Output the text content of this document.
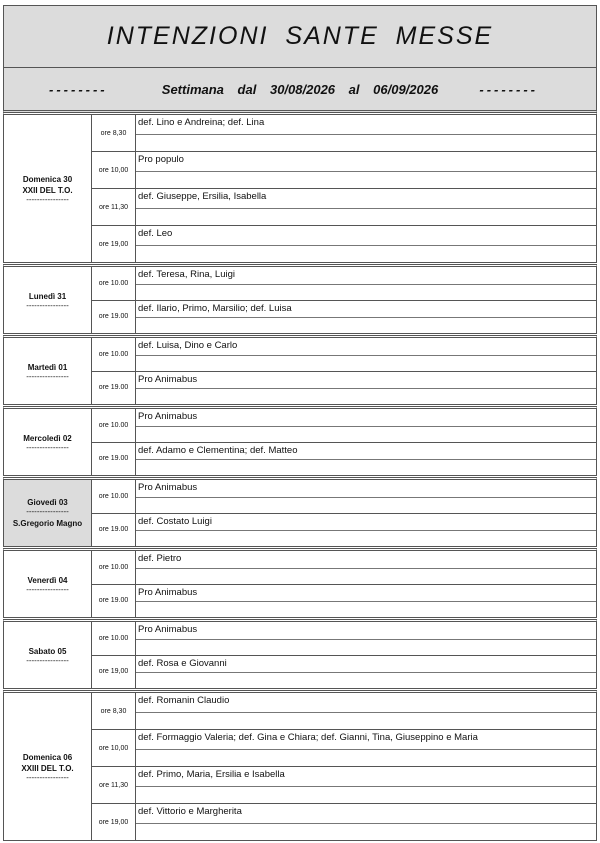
INTENZIONI SANTE MESSE
--------	Settimana dal 30/08/2026 al 06/09/2026	--------
Domenica 30
XXII DEL T.O.
----------------
ore 8,30
def. Lino e Andreina; def. Lina
ore 10,00
Pro populo
ore 11,30
def. Giuseppe, Ersilia, Isabella
ore 19,00
def. Leo
Lunedì 31
----------------
ore 10.00
def. Teresa, Rina, Luigi
ore 19.00
def. Ilario, Primo, Marsilio; def. Luisa
Martedì 01
----------------
ore 10.00
def. Luisa, Dino e Carlo
ore 19.00
Pro Animabus
Mercoledì 02
----------------
ore 10.00
Pro Animabus
ore 19.00
def. Adamo e Clementina; def. Matteo
Giovedì 03
----------------
S.Gregorio Magno
ore 10.00
Pro Animabus
ore 19.00
def. Costato Luigi
Venerdì 04
----------------
ore 10.00
def. Pietro
ore 19.00
Pro Animabus
Sabato 05
----------------
ore 10.00
Pro Animabus
ore 19,00
def. Rosa e Giovanni
Domenica 06
XXIII DEL T.O.
----------------
ore 8,30
def. Romanin Claudio
ore 10,00
def. Formaggio Valeria; def. Gina e Chiara; def. Gianni, Tina, Giuseppino e Maria
ore 11,30
def. Primo, Maria, Ersilia e Isabella
ore 19,00
def. Vittorio e Margherita
